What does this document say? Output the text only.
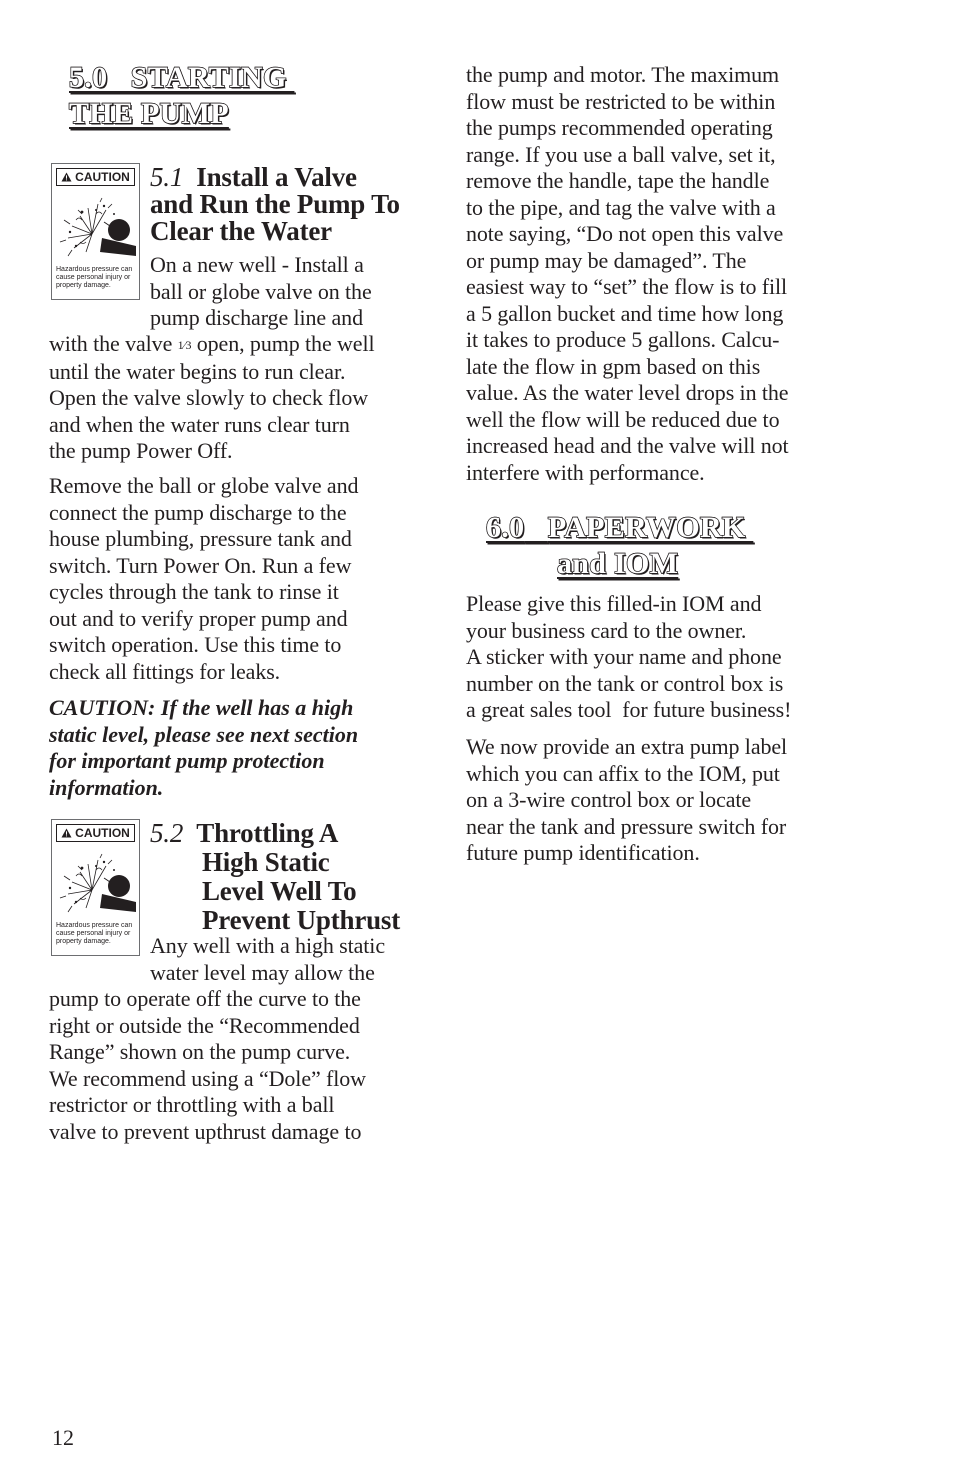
5.0   STARTING
THE PUMP
CAUTION
Hazardous pressure can
cause personal injury or
property damage.
5.1 Install a Valve
and Run the Pump To
Clear the Water
On a new well - Install a
ball or globe valve on the
pump discharge line and
with the valve 1⁄3 open, pump the well
until the water begins to run clear.
Open the valve slowly to check flow
and when the water runs clear turn
the pump Power Off.
Remove the ball or globe valve and
connect the pump discharge to the
house plumbing, pressure tank and
switch. Turn Power On. Run a few
cycles through the tank to rinse it
out and to verify proper pump and
switch operation. Use this time to
check all fittings for leaks.
CAUTION: If the well has a high
static level, please see next section
for important pump protection
information.
CAUTION
Hazardous pressure can
cause personal injury or
property damage.
5.2 Throttling A
High Static
Level Well To
Prevent Upthrust
Any well with a high static
water level may allow the
pump to operate off the curve to the
right or outside the “Recommended
Range” shown on the pump curve.
We recommend using a “Dole” flow
restrictor or throttling with a ball
valve to prevent upthrust damage to
the pump and motor. The maximum
flow must be restricted to be within
the pumps recommended operating
range. If you use a ball valve, set it,
remove the handle, tape the handle
to the pipe, and tag the valve with a
note saying, “Do not open this valve
or pump may be damaged”. The
easiest way to “set” the flow is to fill
a 5 gallon bucket and time how long
it takes to produce 5 gallons. Calcu-
late the flow in gpm based on this
value. As the water level drops in the
well the flow will be reduced due to
increased head and the valve will not
interfere with performance.
6.0 PAPERWORK
and IOM
Please give this filled-in IOM and
your business card to the owner.
A sticker with your name and phone
number on the tank or control box is
a great sales tool  for future business!
We now provide an extra pump label
which you can affix to the IOM, put
on a 3-wire control box or locate
near the tank and pressure switch for
future pump identification.
12
